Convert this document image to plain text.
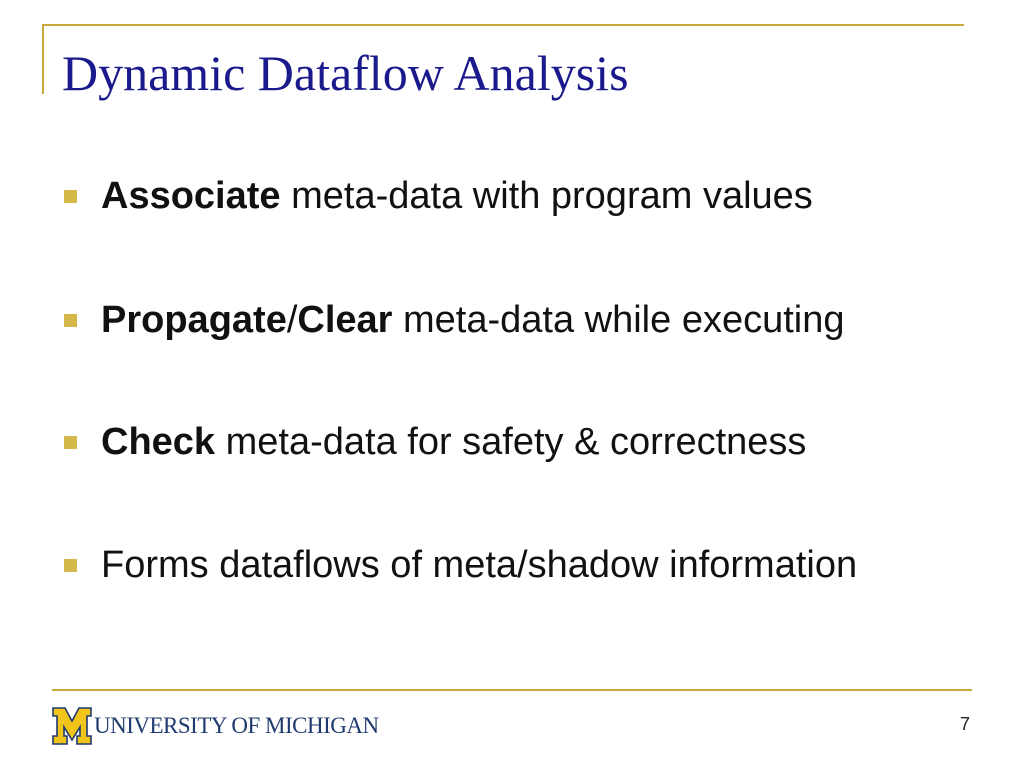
Dynamic Dataflow Analysis
Associate meta-data with program values
Propagate/Clear meta-data while executing
Check meta-data for safety & correctness
Forms dataflows of meta/shadow information
UNIVERSITY OF MICHIGAN	7
